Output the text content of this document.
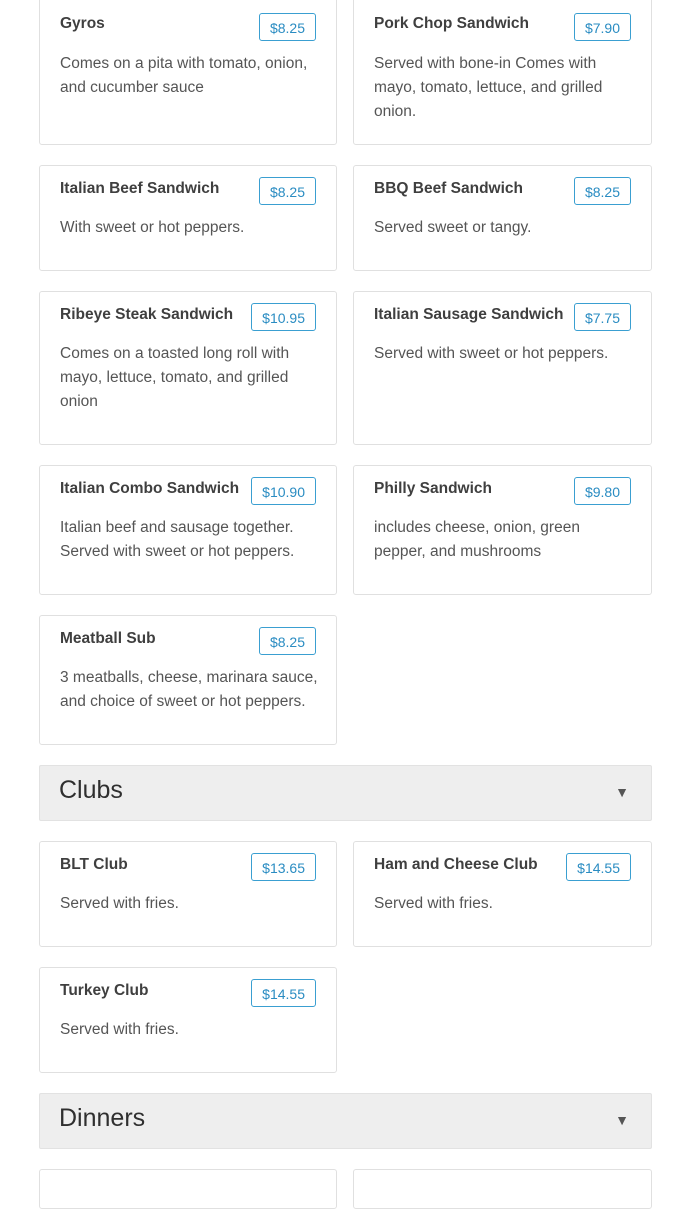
Gyros	$8.25
Comes on a pita with tomato, onion, and cucumber sauce
Pork Chop Sandwich	$7.90
Served with bone-in Comes with mayo, tomato, lettuce, and grilled onion.
Italian Beef Sandwich	$8.25
With sweet or hot peppers.
BBQ Beef Sandwich	$8.25
Served sweet or tangy.
Ribeye Steak Sandwich	$10.95
Comes on a toasted long roll with mayo, lettuce, tomato, and grilled onion
Italian Sausage Sandwich	$7.75
Served with sweet or hot peppers.
Italian Combo Sandwich	$10.90
Italian beef and sausage together. Served with sweet or hot peppers.
Philly Sandwich	$9.80
includes cheese, onion, green pepper, and mushrooms
Meatball Sub	$8.25
3 meatballs, cheese, marinara sauce, and choice of sweet or hot peppers.
Clubs	▼
BLT Club	$13.65
Served with fries.
Ham and Cheese Club	$14.55
Served with fries.
Turkey Club	$14.55
Served with fries.
Dinners	▼
